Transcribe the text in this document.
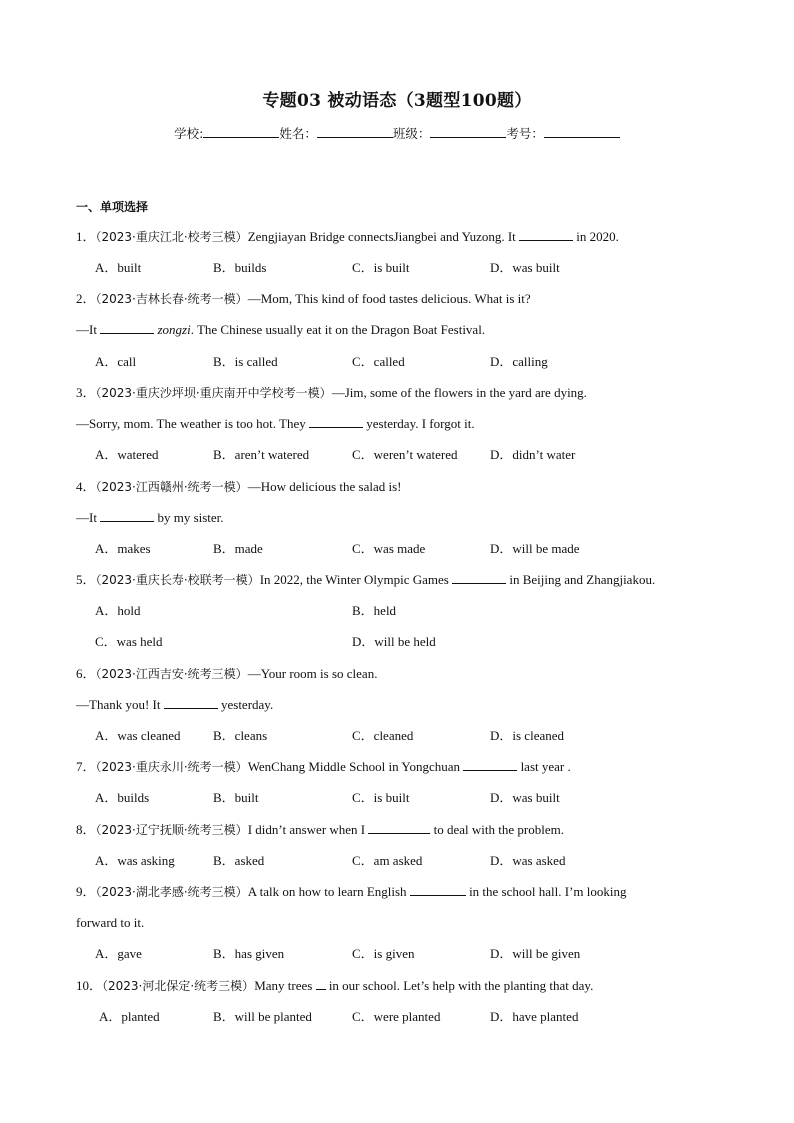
专题03 被动语态（3题型100题）
学校:	姓名：	班级：	考号：
一、单项选择
1．（2023·重庆江北·校考三模）Zengjiayan Bridge connectsJiangbei and Yuzong. It	in 2020.
A．built	B．builds	C．is built	D．was built
2．（2023·吉林长春·统考一模）—Mom, This kind of food tastes delicious. What is it?
—It	zongzi. The Chinese usually eat it on the Dragon Boat Festival.
A．call	B．is called	C．called	D．calling
3．（2023·重庆沙坪坝·重庆南开中学校考一模）—Jim, some of the flowers in the yard are dying.
—Sorry, mom. The weather is too hot. They	yesterday. I forgot it.
A．watered	B．aren’t watered	C．weren’t watered D．didn’t water
4．（2023·江西赣州·统考一模）—How delicious the salad is!
—It	by my sister.
A．makes	B．made	C．was made	D．will be made
5．（2023·重庆长寿·校联考一模）In 2022, the Winter Olympic Games	in Beijing and Zhangjiakou.
A．hold	B．held
C．was held	D．will be held
6．（2023·江西吉安·统考三模）—Your room is so clean.
—Thank you! It	yesterday.
A．was cleaned B．cleans	C．cleaned	D．is cleaned
7．（2023·重庆永川·统考一模）WenChang Middle School in Yongchuan	last year .
A．builds	B．built	C．is built	D．was built
8．（2023·辽宁抚顺·统考三模）I didn’t answer when I	to deal with the problem.
A．was asking	B．asked	C．am asked	D．was asked
9．（2023·湖北孝感·统考三模）A talk on how to learn English	in the school hall. I’m looking
forward to it.
A．gave	B．has given	C．is given	D．will be given
10．（2023·河北保定·统考三模）Many trees in our school. Let’s help with the planting that day.
A．planted	B．will be planted	C．were planted	D．have planted
